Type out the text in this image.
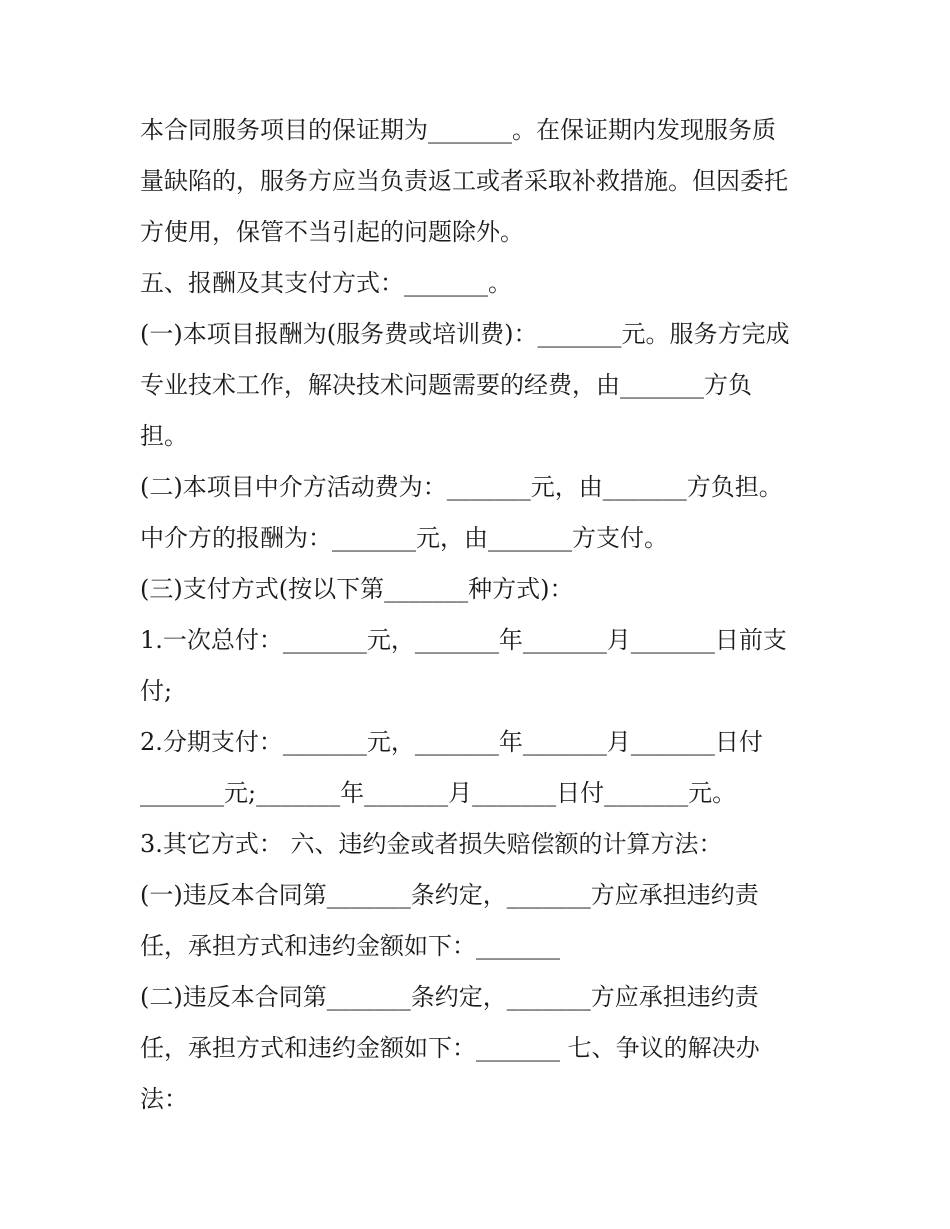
本合同服务项目的保证期为_______。在保证期内发现服务质
量缺陷的，服务方应当负责返工或者采取补救措施。但因委托
方使用，保管不当引起的问题除外。
五、报酬及其支付方式：_______。
(一)本项目报酬为(服务费或培训费)：_______元。服务方完成
专业技术工作，解决技术问题需要的经费，由_______方负
担。
(二)本项目中介方活动费为：_______元，由_______方负担。
中介方的报酬为：_______元，由_______方支付。
(三)支付方式(按以下第_______种方式)：
1.一次总付：_______元，_______年_______月_______日前支
付;
2.分期支付：_______元，_______年_______月_______日付
_______元;_______年_______月_______日付_______元。
3.其它方式： 六、违约金或者损失赔偿额的计算方法：
(一)违反本合同第_______条约定，_______方应承担违约责
任，承担方式和违约金额如下：_______
(二)违反本合同第_______条约定，_______方应承担违约责
任，承担方式和违约金额如下：_______ 七、争议的解决办
法：
